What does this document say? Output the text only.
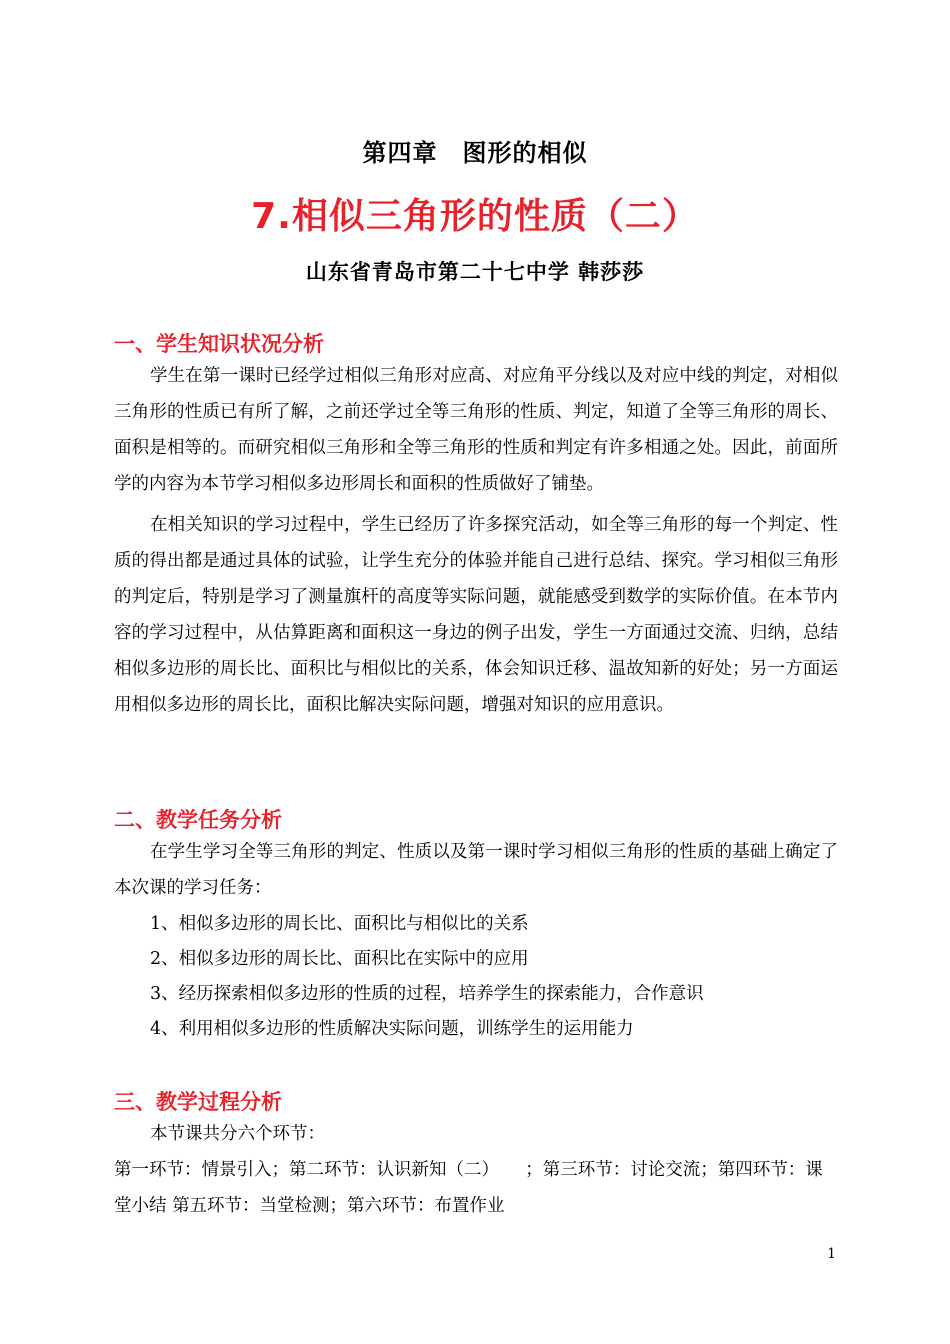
第四章　图形的相似
7.相似三角形的性质（二）
山东省青岛市第二十七中学 韩莎莎
一、学生知识状况分析
学生在第一课时已经学过相似三角形对应高、对应角平分线以及对应中线的判定，对相似三角形的性质已有所了解，之前还学过全等三角形的性质、判定，知道了全等三角形的周长、面积是相等的。而研究相似三角形和全等三角形的性质和判定有许多相通之处。因此，前面所学的内容为本节学习相似多边形周长和面积的性质做好了铺垫。
在相关知识的学习过程中，学生已经历了许多探究活动，如全等三角形的每一个判定、性质的得出都是通过具体的试验，让学生充分的体验并能自己进行总结、探究。学习相似三角形的判定后，特别是学习了测量旗杆的高度等实际问题，就能感受到数学的实际价值。在本节内容的学习过程中，从估算距离和面积这一身边的例子出发，学生一方面通过交流、归纳，总结相似多边形的周长比、面积比与相似比的关系，体会知识迁移、温故知新的好处；另一方面运用相似多边形的周长比，面积比解决实际问题，增强对知识的应用意识。
二、教学任务分析
在学生学习全等三角形的判定、性质以及第一课时学习相似三角形的性质的基础上确定了本次课的学习任务：
1、相似多边形的周长比、面积比与相似比的关系
2、相似多边形的周长比、面积比在实际中的应用
3、经历探索相似多边形的性质的过程，培养学生的探索能力，合作意识
4、利用相似多边形的性质解决实际问题，训练学生的运用能力
三、教学过程分析
本节课共分六个环节：
第一环节：情景引入；第二环节：认识新知（二）　　；第三环节：讨论交流；第四环节：课
堂小结 第五环节：当堂检测；第六环节：布置作业
1
